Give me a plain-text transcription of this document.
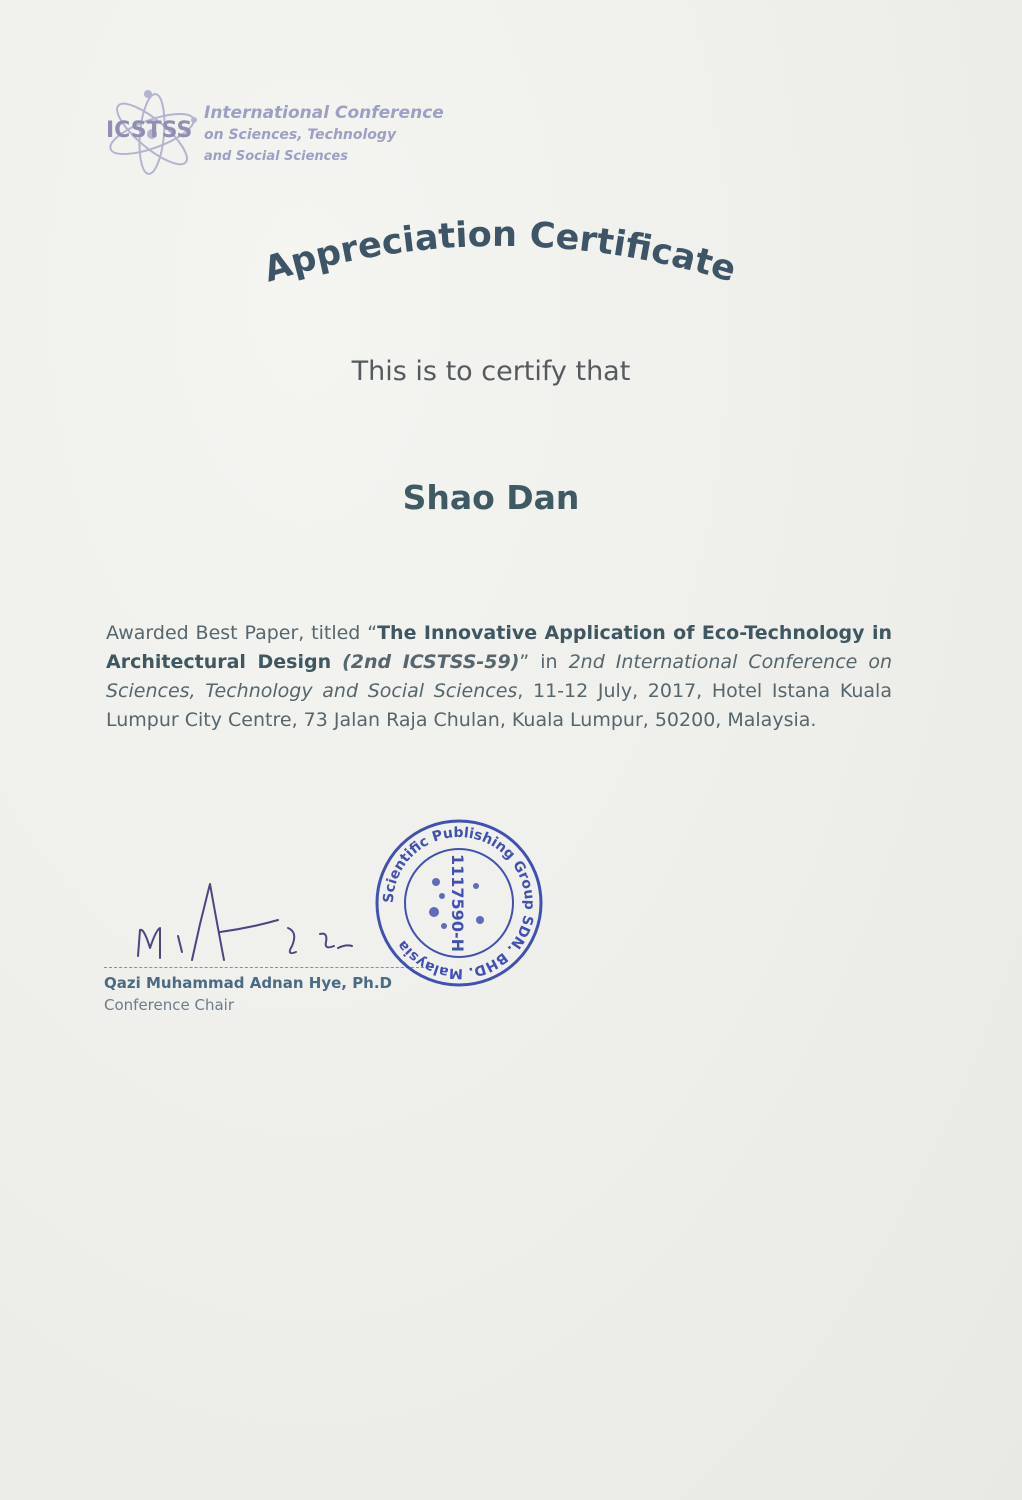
ICSTSS
International Conference
on Sciences, Technology
and Social Sciences
Appreciation Certificate
This is to certify that
Shao Dan
Awarded Best Paper, titled “The Innovative Application of Eco-Technology in Architectural Design (2nd ICSTSS-59)” in 2nd International Conference on Sciences, Technology and Social Sciences, 11-12 July, 2017, Hotel Istana Kuala Lumpur City Centre, 73 Jalan Raja Chulan, Kuala Lumpur, 50200, Malaysia.
Qazi Muhammad Adnan Hye, Ph.D
Conference Chair
Scientific Publishing Group SDN. BHD. Malaysia	1117590-H
